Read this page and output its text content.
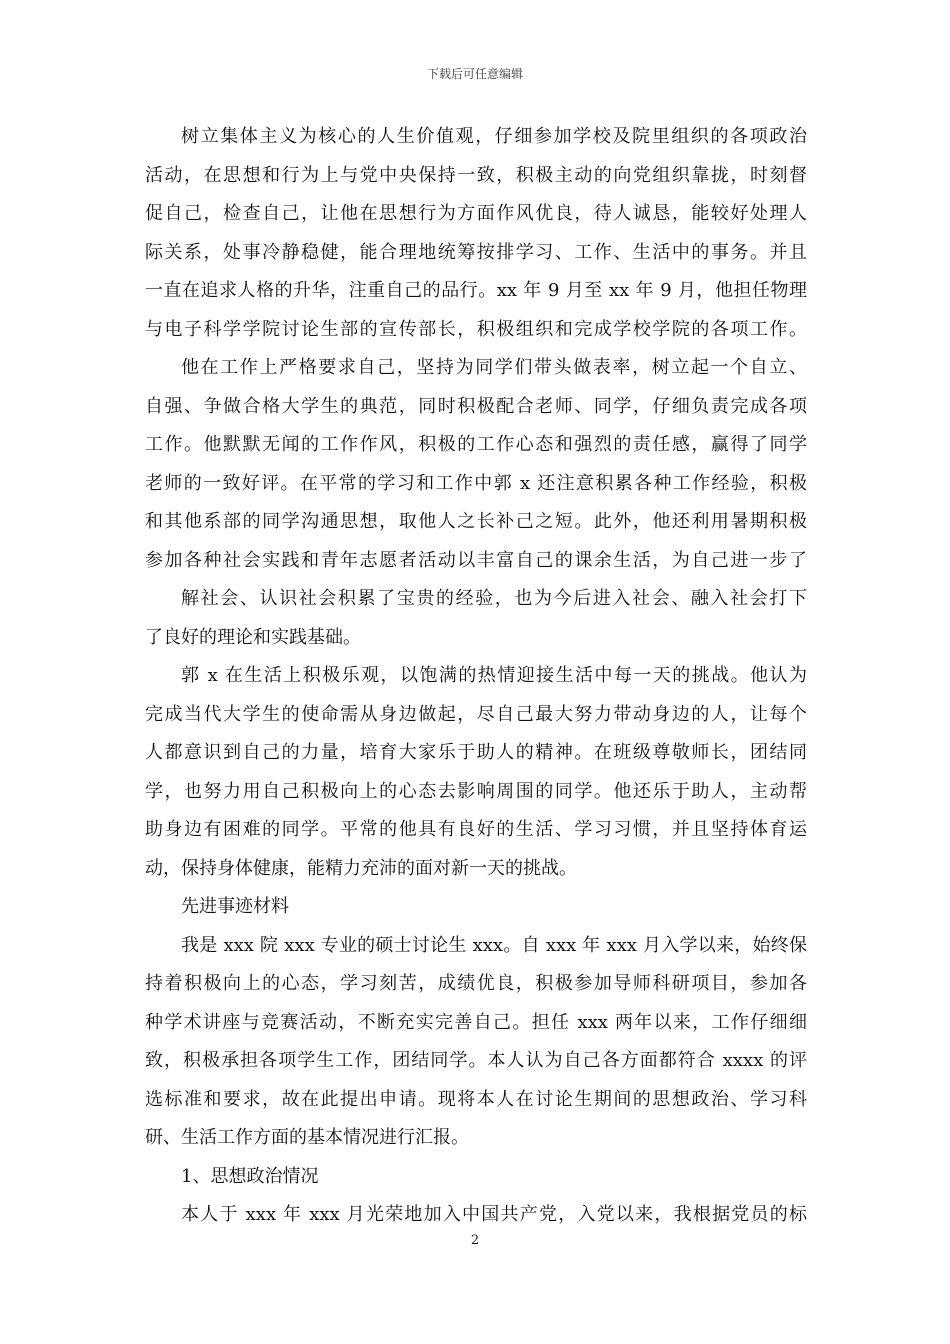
下载后可任意编辑
树立集体主义为核心的人生价值观，仔细参加学校及院里组织的各项政治
活动，在思想和行为上与党中央保持一致，积极主动的向党组织靠拢，时刻督
促自己，检查自己，让他在思想行为方面作风优良，待人诚恳，能较好处理人
际关系，处事冷静稳健，能合理地统筹按排学习、工作、生活中的事务。并且
一直在追求人格的升华，注重自己的品行。xx 年 9 月至 xx 年 9 月，他担任物理
与电子科学学院讨论生部的宣传部长，积极组织和完成学校学院的各项工作。
他在工作上严格要求自己，坚持为同学们带头做表率，树立起一个自立、
自强、争做合格大学生的典范，同时积极配合老师、同学，仔细负责完成各项
工作。他默默无闻的工作作风，积极的工作心态和强烈的责任感，赢得了同学
老师的一致好评。在平常的学习和工作中郭 x 还注意积累各种工作经验，积极
和其他系部的同学沟通思想，取他人之长补己之短。此外，他还利用暑期积极
参加各种社会实践和青年志愿者活动以丰富自己的课余生活，为自己进一步了
解社会、认识社会积累了宝贵的经验，也为今后进入社会、融入社会打下
了良好的理论和实践基础。
郭 x 在生活上积极乐观，以饱满的热情迎接生活中每一天的挑战。他认为
完成当代大学生的使命需从身边做起，尽自己最大努力带动身边的人，让每个
人都意识到自己的力量，培育大家乐于助人的精神。在班级尊敬师长，团结同
学，也努力用自己积极向上的心态去影响周围的同学。他还乐于助人，主动帮
助身边有困难的同学。平常的他具有良好的生活、学习习惯，并且坚持体育运
动，保持身体健康，能精力充沛的面对新一天的挑战。
先进事迹材料
我是 xxx 院 xxx 专业的硕士讨论生 xxx。自 xxx 年 xxx 月入学以来，始终保
持着积极向上的心态，学习刻苦，成绩优良，积极参加导师科研项目，参加各
种学术讲座与竞赛活动，不断充实完善自己。担任 xxx 两年以来，工作仔细细
致，积极承担各项学生工作，团结同学。本人认为自己各方面都符合 xxxx 的评
选标准和要求，故在此提出申请。现将本人在讨论生期间的思想政治、学习科
研、生活工作方面的基本情况进行汇报。
1、思想政治情况
本人于 xxx 年 xxx 月光荣地加入中国共产党，入党以来，我根据党员的标
2
